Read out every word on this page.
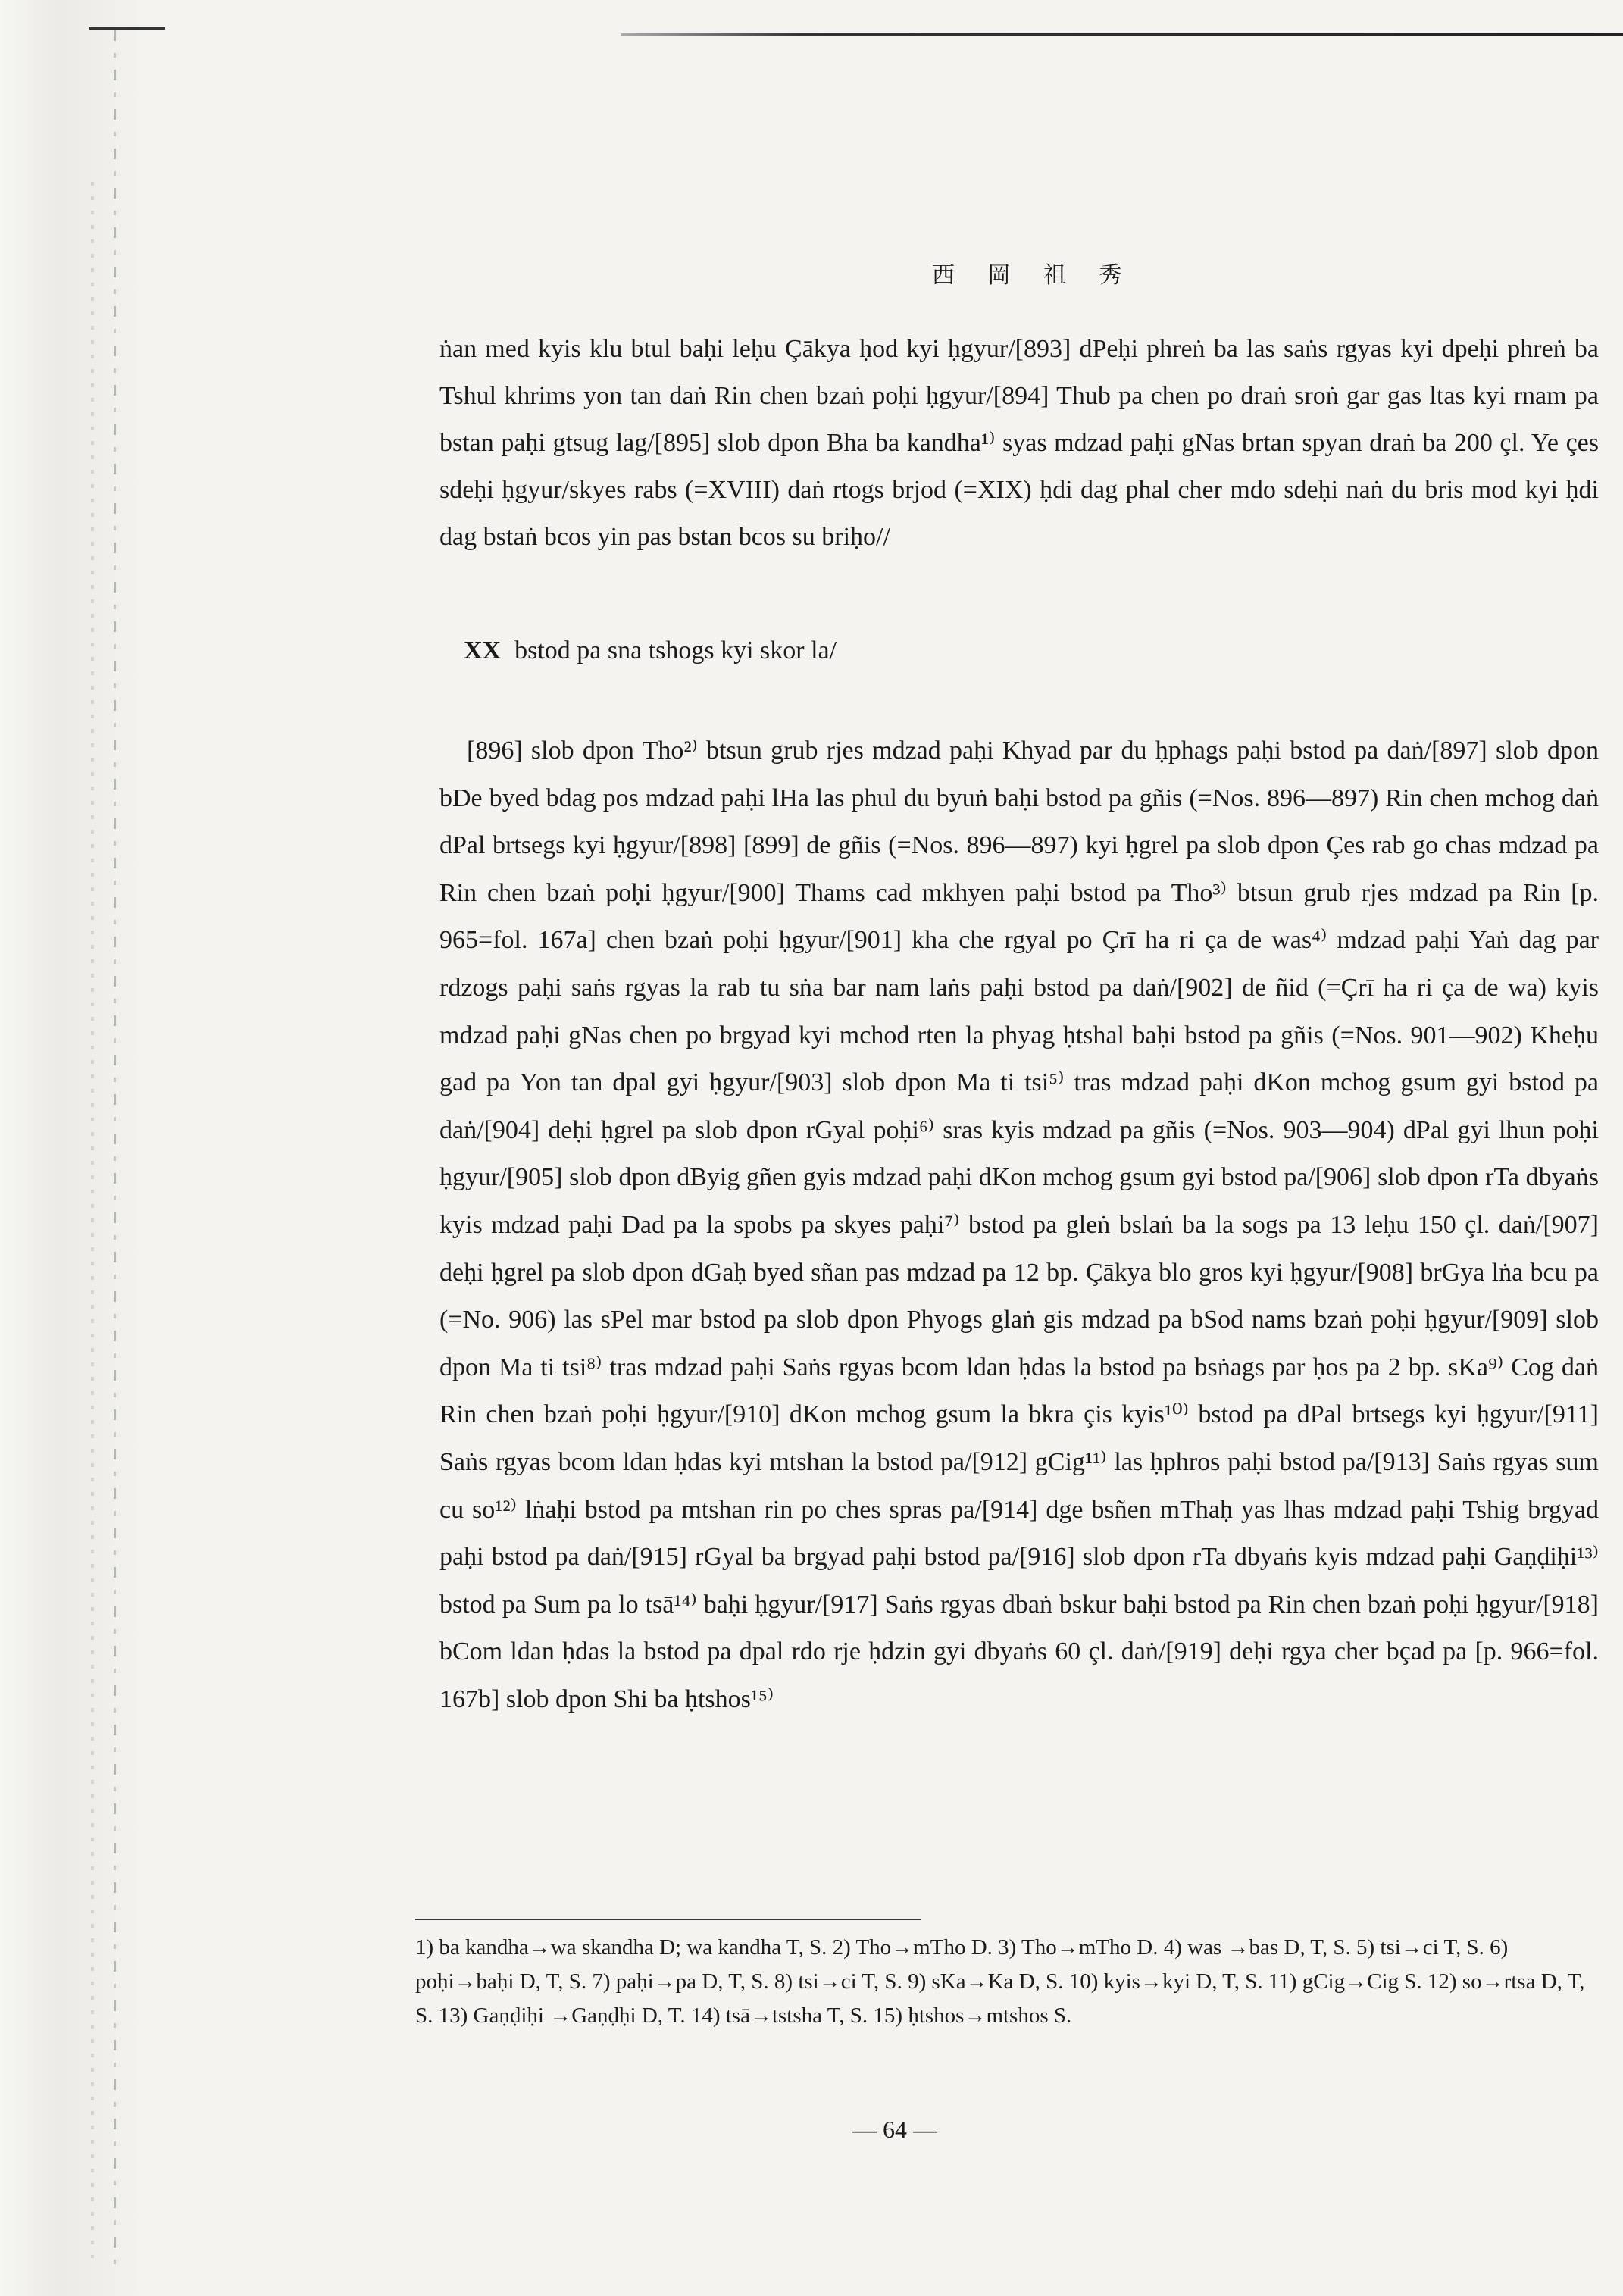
西 岡 祖 秀

ṅan med kyis klu btul baḥi leḥu Çākya ḥod kyi ḥgyur/[893] dPeḥi phreṅ ba las saṅs rgyas kyi dpeḥi phreṅ ba Tshul khrims yon tan daṅ Rin chen bzaṅ poḥi ḥgyur/[894] Thub pa chen po draṅ sroṅ gar gas ltas kyi rnam pa bstan paḥi gtsug lag/[895] slob dpon Bha ba kandha¹⁾ syas mdzad paḥi gNas brtan spyan draṅ ba 200 çl. Ye çes sdeḥi ḥgyur/skyes rabs (=XVIII) daṅ rtogs brjod (=XIX) ḥdi dag phal cher mdo sdeḥi naṅ du bris mod kyi ḥdi dag bstaṅ bcos yin pas bstan bcos su briḥo//

XX bstod pa sna tshogs kyi skor la/

[896] slob dpon Tho²⁾ btsun grub rjes mdzad paḥi Khyad par du ḥphags paḥi bstod pa daṅ/[897] slob dpon bDe byed bdag pos mdzad paḥi lHa las phul du byuṅ baḥi bstod pa gñis (=Nos. 896—897) Rin chen mchog daṅ dPal brtsegs kyi ḥgyur/[898] [899] de gñis (=Nos. 896—897) kyi ḥgrel pa slob dpon Çes rab go chas mdzad pa Rin chen bzaṅ poḥi ḥgyur/[900] Thams cad mkhyen paḥi bstod pa Tho³⁾ btsun grub rjes mdzad pa Rin [p. 965=fol. 167a] chen bzaṅ poḥi ḥgyur/[901] kha che rgyal po Çrī ha ri ça de was⁴⁾ mdzad paḥi Yaṅ dag par rdzogs paḥi saṅs rgyas la rab tu sṅa bar nam laṅs paḥi bstod pa daṅ/[902] de ñid (=Çrī ha ri ça de wa) kyis mdzad paḥi gNas chen po brgyad kyi mchod rten la phyag ḥtshal baḥi bstod pa gñis (=Nos. 901—902) Kheḥu gad pa Yon tan dpal gyi ḥgyur/[903] slob dpon Ma ti tsi⁵⁾ tras mdzad paḥi dKon mchog gsum gyi bstod pa daṅ/[904] deḥi ḥgrel pa slob dpon rGyal poḥi⁶⁾ sras kyis mdzad pa gñis (=Nos. 903—904) dPal gyi lhun poḥi ḥgyur/[905] slob dpon dByig gñen gyis mdzad paḥi dKon mchog gsum gyi bstod pa/[906] slob dpon rTa dbyaṅs kyis mdzad paḥi Dad pa la spobs pa skyes paḥi⁷⁾ bstod pa gleṅ bslaṅ ba la sogs pa 13 leḥu 150 çl. daṅ/[907] deḥi ḥgrel pa slob dpon dGaḥ byed sñan pas mdzad pa 12 bp. Çākya blo gros kyi ḥgyur/[908] brGya lṅa bcu pa (=No. 906) las sPel mar bstod pa slob dpon Phyogs glaṅ gis mdzad pa bSod nams bzaṅ poḥi ḥgyur/[909] slob dpon Ma ti tsi⁸⁾ tras mdzad paḥi Saṅs rgyas bcom ldan ḥdas la bstod pa bsṅags par ḥos pa 2 bp. sKa⁹⁾ Cog daṅ Rin chen bzaṅ poḥi ḥgyur/[910] dKon mchog gsum la bkra çis kyis¹⁰⁾ bstod pa dPal brtsegs kyi ḥgyur/[911] Saṅs rgyas bcom ldan ḥdas kyi mtshan la bstod pa/[912] gCig¹¹⁾ las ḥphros paḥi bstod pa/[913] Saṅs rgyas sum cu so¹²⁾ lṅaḥi bstod pa mtshan rin po ches spras pa/[914] dge bsñen mThaḥ yas lhas mdzad paḥi Tshig brgyad paḥi bstod pa daṅ/[915] rGyal ba brgyad paḥi bstod pa/[916] slob dpon rTa dbyaṅs kyis mdzad paḥi Gaṇḍiḥi¹³⁾ bstod pa Sum pa lo tsā¹⁴⁾ baḥi ḥgyur/[917] Saṅs rgyas dbaṅ bskur baḥi bstod pa Rin chen bzaṅ poḥi ḥgyur/[918] bCom ldan ḥdas la bstod pa dpal rdo rje ḥdzin gyi dbyaṅs 60 çl. daṅ/[919] deḥi rgya cher bçad pa [p. 966=fol. 167b] slob dpon Shi ba ḥtshos¹⁵⁾

1) ba kandha→wa skandha D; wa kandha T, S. 2) Tho→mTho D. 3) Tho→mTho D. 4) was →bas D, T, S. 5) tsi→ci T, S. 6) poḥi→baḥi D, T, S. 7) paḥi→pa D, T, S. 8) tsi→ci T, S. 9) sKa→Ka D, S. 10) kyis→kyi D, T, S. 11) gCig→Cig S. 12) so→rtsa D, T, S. 13) Gaṇḍiḥi →Gaṇḍḥi D, T. 14) tsā→tstsha T, S. 15) ḥtshos→mtshos S.

— 64 —
